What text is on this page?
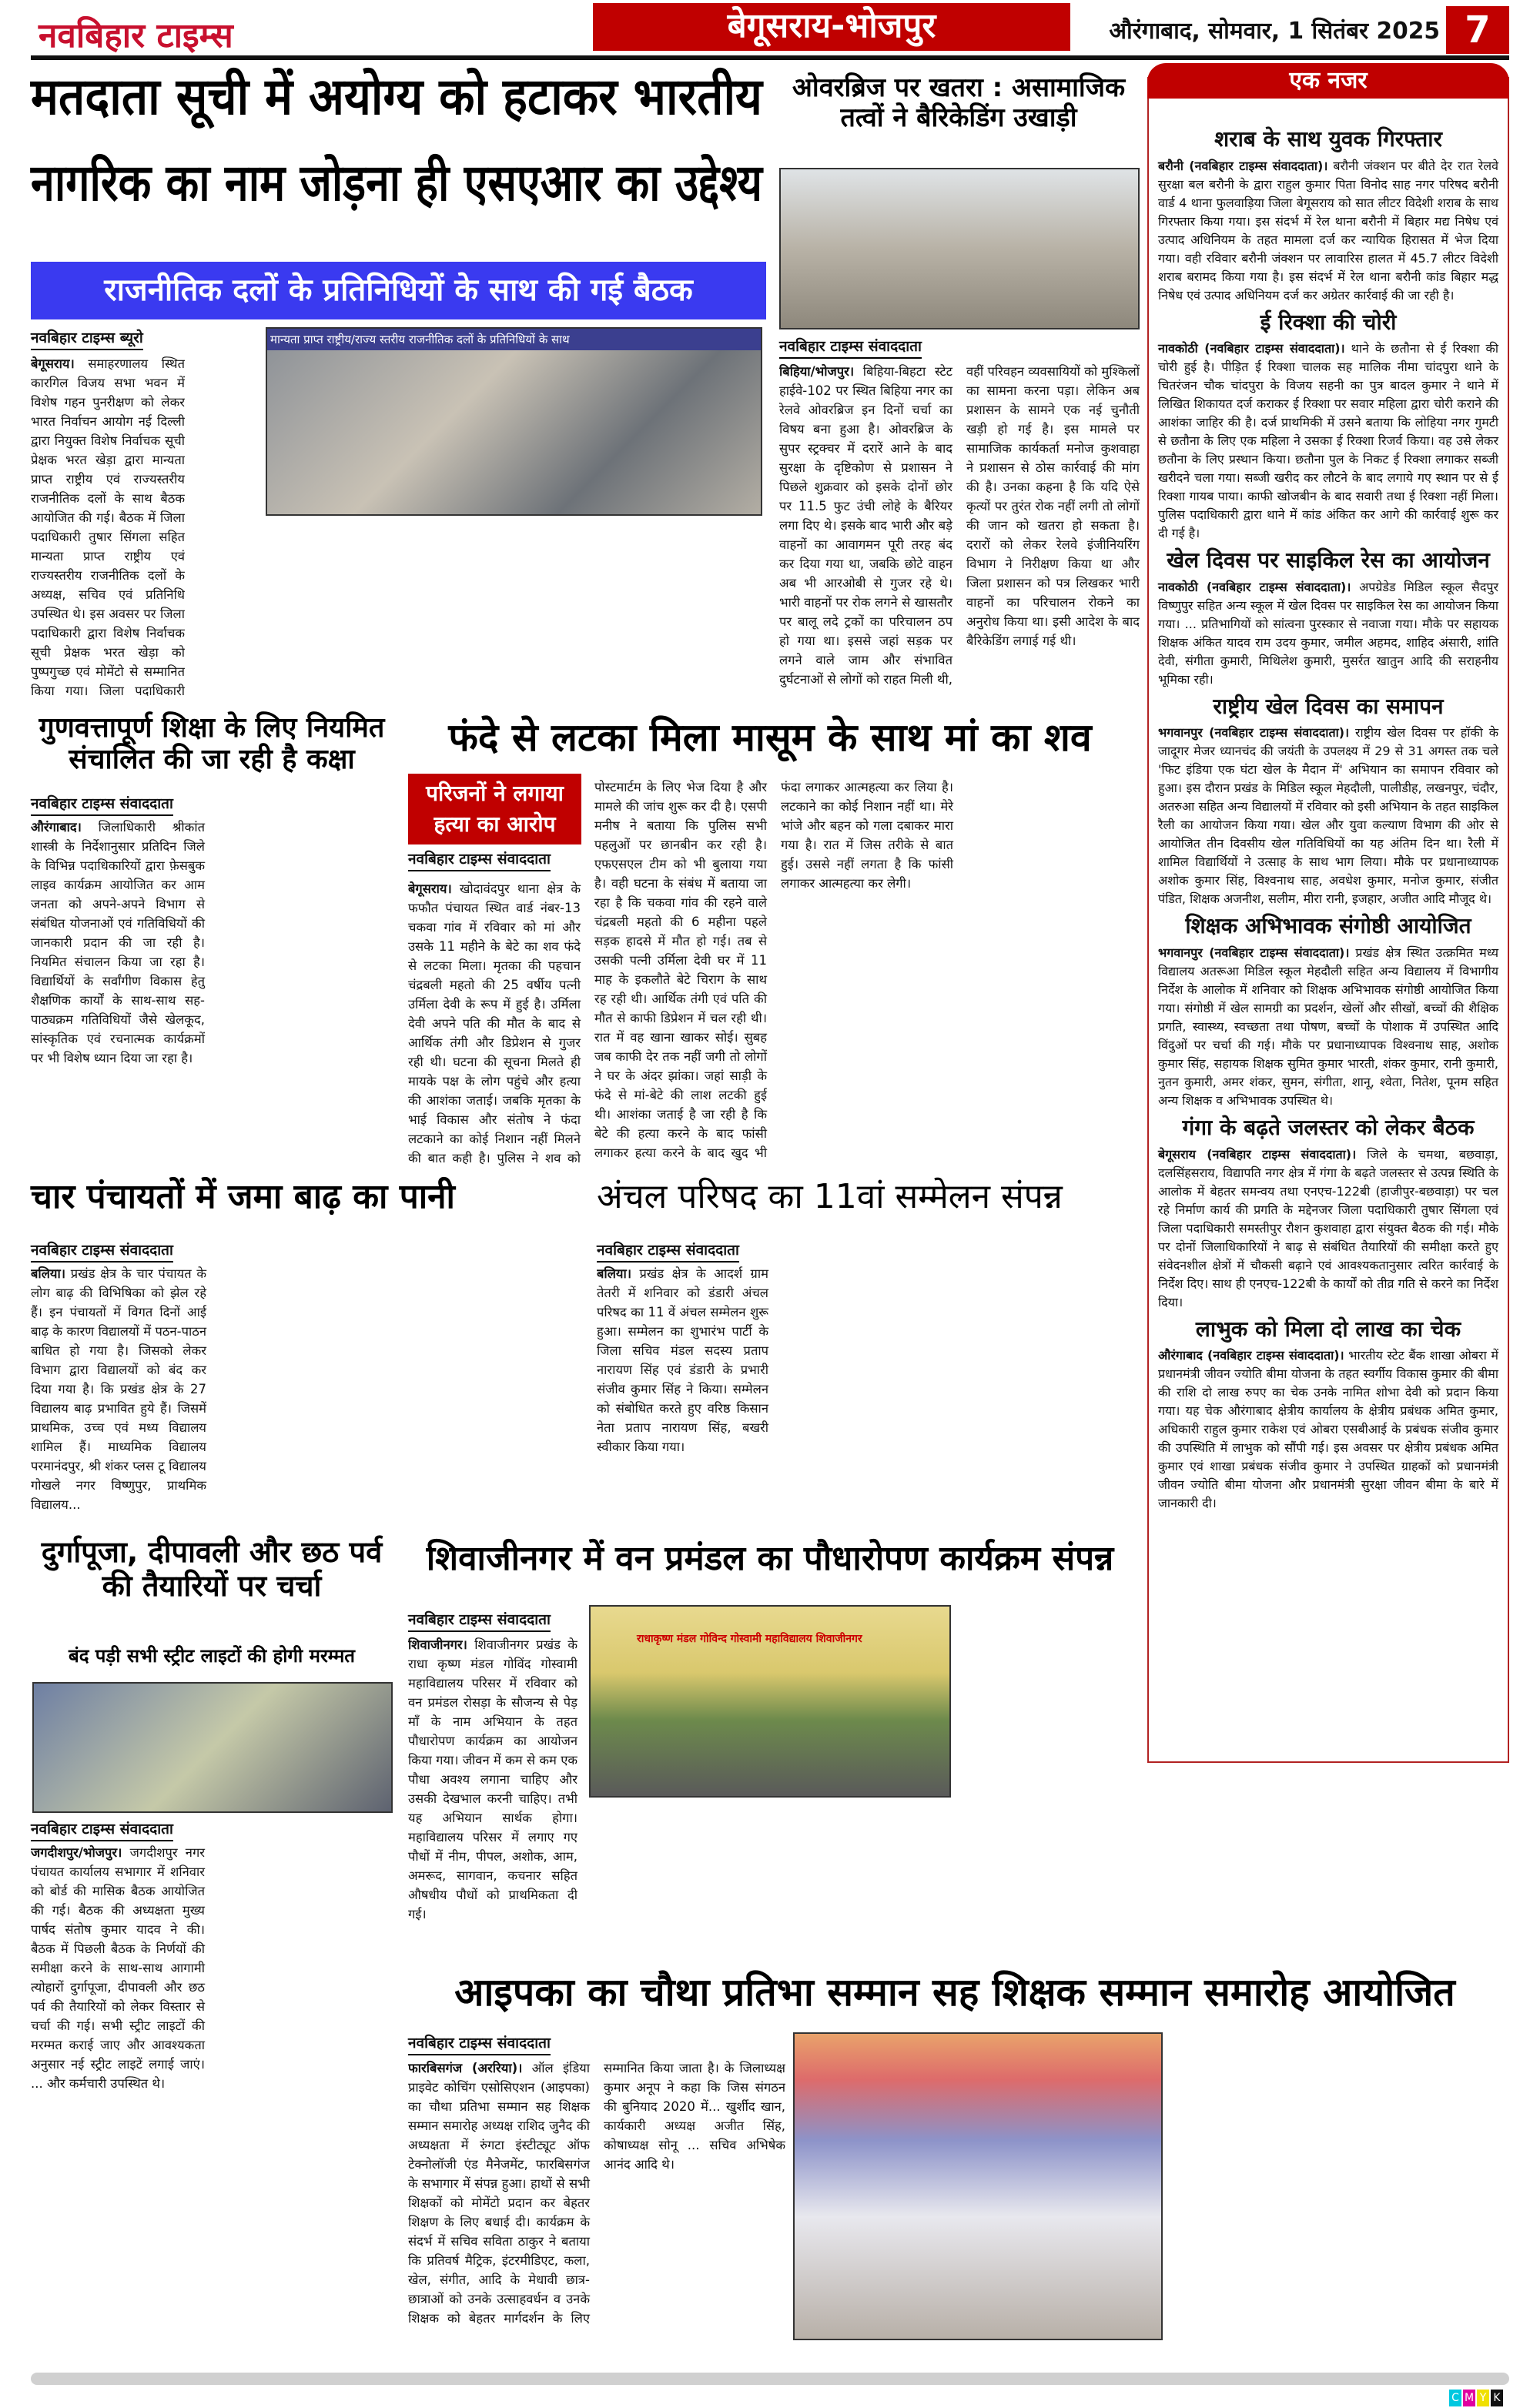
नवबिहार टाइम्स	बेगूसराय-भोजपुर	औरंगाबाद, सोमवार, 1 सितंबर 2025 7
मतदाता सूची में अयोग्य को हटाकर भारतीय
नागरिक का नाम जोड़ना ही एसएआर का उद्देश्य
राजनीतिक दलों के प्रतिनिधियों के साथ की गई बैठक
नवबिहार टाइम्स ब्यूरो	मान्यता प्राप्त राष्ट्रीय/राज्य स्तरीय राजनीतिक दलों के प्रतिनिधियों के साथ
बेगूसराय। समाहरणालय स्थित कारगिल विजय सभा भवन में विशेष गहन पुनरीक्षण को लेकर भारत निर्वाचन आयोग नई दिल्ली द्वारा नियुक्त विशेष निर्वाचक सूची प्रेक्षक भरत खेड़ा द्वारा मान्यता प्राप्त राष्ट्रीय एवं राज्यस्तरीय राजनीतिक दलों के साथ बैठक आयोजित की गई। बैठक में जिला पदाधिकारी तुषार सिंगला सहित मान्यता प्राप्त राष्ट्रीय एवं राज्यस्तरीय राजनीतिक दलों के अध्यक्ष, सचिव एवं प्रतिनिधि उपस्थित थे। इस अवसर पर जिला पदाधिकारी द्वारा विशेष निर्वाचक सूची प्रेक्षक भरत खेड़ा को पुष्पगुच्छ एवं मोमेंटो से सम्मानित किया गया। जिला पदाधिकारी
ओवरब्रिज पर खतरा : असामाजिक तत्वों ने बैरिकेडिंग उखाड़ी
नवबिहार टाइम्स संवाददाता
बिहिया/भोजपुर। बिहिया-बिहटा स्टेट हाईवे-102 पर स्थित बिहिया नगर का रेलवे ओवरब्रिज इन दिनों चर्चा का विषय बना हुआ है। ओवरब्रिज के सुपर स्ट्रक्चर में दरारें आने के बाद सुरक्षा के दृष्टिकोण से प्रशासन ने पिछले शुक्रवार को इसके दोनों छोर पर 11.5 फुट उंची लोहे के बैरियर लगा दिए थे। इसके बाद भारी और बड़े वाहनों का आवागमन पूरी तरह बंद कर दिया गया था, जबकि छोटे वाहन अब भी आरओबी से गुजर रहे थे। भारी वाहनों पर रोक लगने से खासतौर पर बालू लदे ट्रकों का परिचालन ठप हो गया था। इससे जहां सड़क पर लगने वाले जाम और संभावित दुर्घटनाओं से लोगों को राहत मिली थी, वहीं परिवहन व्यवसायियों को मुश्किलों का सामना करना पड़ा। लेकिन अब प्रशासन के सामने एक नई चुनौती खड़ी हो गई है। इस मामले पर सामाजिक कार्यकर्ता मनोज कुशवाहा ने प्रशासन से ठोस कार्रवाई की मांग की है। उनका कहना है कि यदि ऐसे कृत्यों पर तुरंत रोक नहीं लगी तो लोगों की जान को खतरा हो सकता है। दरारों को लेकर रेलवे इंजीनियरिंग विभाग ने निरीक्षण किया था और जिला प्रशासन को पत्र लिखकर भारी वाहनों का परिचालन रोकने का अनुरोध किया था। इसी आदेश के बाद बैरिकेडिंग लगाई गई थी।
एक नजर
शराब के साथ युवक गिरफ्तार
बरौनी (नवबिहार टाइम्स संवाददाता)। बरौनी जंक्शन पर बीते देर रात रेलवे सुरक्षा बल बरौनी के द्वारा राहुल कुमार पिता विनोद साह नगर परिषद बरौनी वार्ड 4 थाना फुलवाड़िया जिला बेगूसराय को सात लीटर विदेशी शराब के साथ गिरफ्तार किया गया। इस संदर्भ में रेल थाना बरौनी में बिहार मद्य निषेध एवं उत्पाद अधिनियम के तहत मामला दर्ज कर न्यायिक हिरासत में भेज दिया गया। वही रविवार बरौनी जंक्शन पर लावारिस हालत में 45.7 लीटर विदेशी शराब बरामद किया गया है। इस संदर्भ में रेल थाना बरौनी कांड बिहार मद्ध निषेध एवं उत्पाद अधिनियम दर्ज कर अग्रेतर कार्रवाई की जा रही है।
ई रिक्शा की चोरी
नावकोठी (नवबिहार टाइम्स संवाददाता)। थाने के छतौना से ई रिक्शा की चोरी हुई है। पीड़ित ई रिक्शा चालक सह मालिक नीमा चांदपुरा थाने के चितरंजन चौक चांदपुरा के विजय सहनी का पुत्र बादल कुमार ने थाने में लिखित शिकायत दर्ज कराकर ई रिक्शा पर सवार महिला द्वारा चोरी कराने की आशंका जाहिर की है। दर्ज प्राथमिकी में उसने बताया कि लोहिया नगर गुमटी से छतौना के लिए एक महिला ने उसका ई रिक्शा रिजर्व किया। वह उसे लेकर छतौना के लिए प्रस्थान किया। छतौना पुल के निकट ई रिक्शा लगाकर सब्जी खरीदने चला गया। सब्जी खरीद कर लौटने के बाद लगाये गए स्थान पर से ई रिक्शा गायब पाया। काफी खोजबीन के बाद सवारी तथा ई रिक्शा नहीं मिला। पुलिस पदाधिकारी द्वारा थाने में कांड अंकित कर आगे की कार्रवाई शुरू कर दी गई है।
खेल दिवस पर साइकिल रेस का आयोजन
नावकोठी (नवबिहार टाइम्स संवाददाता)। अपग्रेडेड मिडिल स्कूल सैदपुर विष्णुपुर सहित अन्य स्कूल में खेल दिवस पर साइकिल रेस का आयोजन किया गया। ... प्रतिभागियों को सांत्वना पुरस्कार से नवाजा गया। मौके पर सहायक शिक्षक अंकित यादव राम उदय कुमार, जमील अहमद, शाहिद अंसारी, शांति देवी, संगीता कुमारी, मिथिलेश कुमारी, मुसर्रत खातुन आदि की सराहनीय भूमिका रही।
राष्ट्रीय खेल दिवस का समापन
भगवानपुर (नवबिहार टाइम्स संवाददाता)। राष्ट्रीय खेल दिवस पर हॉकी के जादूगर मेजर ध्यानचंद की जयंती के उपलक्ष्य में 29 से 31 अगस्त तक चले 'फिट इंडिया एक घंटा खेल के मैदान में' अभियान का समापन रविवार को हुआ। इस दौरान प्रखंड के मिडिल स्कूल मेहदौली, पालीडीह, लखनपुर, चंदौर, अतरुआ सहित अन्य विद्यालयों में रविवार को इसी अभियान के तहत साइकिल रैली का आयोजन किया गया। खेल और युवा कल्याण विभाग की ओर से आयोजित तीन दिवसीय खेल गतिविधियों का यह अंतिम दिन था। रैली में शामिल विद्यार्थियों ने उत्साह के साथ भाग लिया। मौके पर प्रधानाध्यापक अशोक कुमार सिंह, विश्वनाथ साह, अवधेश कुमार, मनोज कुमार, संजीत पंडित, शिक्षक अजनीश, सलीम, मीरा रानी, इजहार, अजीत आदि मौजूद थे।
शिक्षक अभिभावक संगोष्ठी आयोजित
भगवानपुर (नवबिहार टाइम्स संवाददाता)। प्रखंड क्षेत्र स्थित उत्क्रमित मध्य विद्यालय अतरूआ मिडिल स्कूल मेहदौली सहित अन्य विद्यालय में विभागीय निर्देश के आलोक में शनिवार को शिक्षक अभिभावक संगोष्ठी आयोजित किया गया। संगोष्ठी में खेल सामग्री का प्रदर्शन, खेलों और सीखों, बच्चों की शैक्षिक प्रगति, स्वास्थ्य, स्वच्छता तथा पोषण, बच्चों के पोशाक में उपस्थित आदि विंदुओं पर चर्चा की गई। मौके पर प्रधानाध्यापक विश्वनाथ साह, अशोक कुमार सिंह, सहायक शिक्षक सुमित कुमार भारती, शंकर कुमार, रानी कुमारी, नुतन कुमारी, अमर शंकर, सुमन, संगीता, शानू, श्वेता, नितेश, पूनम सहित अन्य शिक्षक व अभिभावक उपस्थित थे।
गंगा के बढ़ते जलस्तर को लेकर बैठक
बेगूसराय (नवबिहार टाइम्स संवाददाता)। जिले के चमथा, बछवाड़ा, दलसिंहसराय, विद्यापति नगर क्षेत्र में गंगा के बढ़ते जलस्तर से उत्पन्न स्थिति के आलोक में बेहतर समन्वय तथा एनएच-122बी (हाजीपुर-बछवाड़ा) पर चल रहे निर्माण कार्य की प्रगति के मद्देनजर जिला पदाधिकारी तुषार सिंगला एवं जिला पदाधिकारी समस्तीपुर रौशन कुशवाहा द्वारा संयुक्त बैठक की गई। मौके पर दोनों जिलाधिकारियों ने बाढ़ से संबंधित तैयारियों की समीक्षा करते हुए संवेदनशील क्षेत्रों में चौकसी बढ़ाने एवं आवश्यकतानुसार त्वरित कार्रवाई के निर्देश दिए। साथ ही एनएच-122बी के कार्यों को तीव्र गति से करने का निर्देश दिया।
लाभुक को मिला दो लाख का चेक
औरंगाबाद (नवबिहार टाइम्स संवाददाता)। भारतीय स्टेट बैंक शाखा ओबरा में प्रधानमंत्री जीवन ज्योति बीमा योजना के तहत स्वर्गीय विकास कुमार की बीमा की राशि दो लाख रुपए का चेक उनके नामित शोभा देवी को प्रदान किया गया। यह चेक औरंगाबाद क्षेत्रीय कार्यालय के क्षेत्रीय प्रबंधक अमित कुमार, अधिकारी राहुल कुमार राकेश एवं ओबरा एसबीआई के प्रबंधक संजीव कुमार की उपस्थिति में लाभुक को सौंपी गई। इस अवसर पर क्षेत्रीय प्रबंधक अमित कुमार एवं शाखा प्रबंधक संजीव कुमार ने उपस्थित ग्राहकों को प्रधानमंत्री जीवन ज्योति बीमा योजना और प्रधानमंत्री सुरक्षा जीवन बीमा के बारे में जानकारी दी।
गुणवत्तापूर्ण शिक्षा के लिए नियमित संचालित की जा रही है कक्षा
नवबिहार टाइम्स संवाददाता
औरंगाबाद। जिलाधिकारी श्रीकांत शास्त्री के निर्देशानुसार प्रतिदिन जिले के विभिन्न पदाधिकारियों द्वारा फ़ेसबुक लाइव कार्यक्रम आयोजित कर आम जनता को अपने-अपने विभाग से संबंधित योजनाओं एवं गतिविधियों की जानकारी प्रदान की जा रही है। नियमित संचालन किया जा रहा है। विद्यार्थियों के सर्वांगीण विकास हेतु शैक्षणिक कार्यों के साथ-साथ सह-पाठ्यक्रम गतिविधियों जैसे खेलकूद, सांस्कृतिक एवं रचनात्मक कार्यक्रमों पर भी विशेष ध्यान दिया जा रहा है।
फंदे से लटका मिला मासूम के साथ मां का शव
परिजनों ने लगाया हत्या का आरोप
नवबिहार टाइम्स संवाददाता
बेगूसराय। खोदावंदपुर थाना क्षेत्र के फफौत पंचायत स्थित वार्ड नंबर-13 चकवा गांव में रविवार को मां और उसके 11 महीने के बेटे का शव फंदे से लटका मिला। मृतका की पहचान चंद्रबली महतो की 25 वर्षीय पत्नी उर्मिला देवी के रूप में हुई है। उर्मिला देवी अपने पति की मौत के बाद से आर्थिक तंगी और डिप्रेशन से गुजर रही थी। घटना की सूचना मिलते ही मायके पक्ष के लोग पहुंचे और हत्या की आशंका जताई। जबकि मृतका के भाई विकास और संतोष ने फंदा लटकाने का कोई निशान नहीं मिलने की बात कही है। पुलिस ने शव को पोस्टमार्टम के लिए भेज दिया है और मामले की जांच शुरू कर दी है। एसपी मनीष ने बताया कि पुलिस सभी पहलुओं पर छानबीन कर रही है। एफएसएल टीम को भी बुलाया गया है। वही घटना के संबंध में बताया जा रहा है कि चकवा गांव की रहने वाले चंद्रबली महतो की 6 महीना पहले सड़क हादसे में मौत हो गई। तब से उसकी पत्नी उर्मिला देवी घर में 11 माह के इकलौते बेटे चिराग के साथ रह रही थी। आर्थिक तंगी एवं पति की मौत से काफी डिप्रेशन में चल रही थी। रात में वह खाना खाकर सोई। सुबह जब काफी देर तक नहीं जगी तो लोगों ने घर के अंदर झांका। जहां साड़ी के फंदे से मां-बेटे की लाश लटकी हुई थी। आशंका जताई है जा रही है कि बेटे की हत्या करने के बाद फांसी लगाकर हत्या करने के बाद खुद भी फंदा लगाकर आत्महत्या कर लिया है। लटकाने का कोई निशान नहीं था। मेरे भांजे और बहन को गला दबाकर मारा गया है। रात में जिस तरीके से बात हुई। उससे नहीं लगता है कि फांसी लगाकर आत्महत्या कर लेगी।
चार पंचायतों में जमा बाढ़ का पानी
नवबिहार टाइम्स संवाददाता
बलिया। प्रखंड क्षेत्र के चार पंचायत के लोग बाढ़ की विभिषिका को झेल रहे हैं। इन पंचायतों में विगत दिनों आई बाढ़ के कारण विद्यालयों में पठन-पाठन बाधित हो गया है। जिसको लेकर विभाग द्वारा विद्यालयों को बंद कर दिया गया है। कि प्रखंड क्षेत्र के 27 विद्यालय बाढ़ प्रभावित हुये हैं। जिसमें प्राथमिक, उच्च एवं मध्य विद्यालय शामिल हैं। माध्यमिक विद्यालय परमानंदपुर, श्री शंकर प्लस टू विद्यालय गोखले नगर विष्णुपुर, प्राथमिक विद्यालय...
अंचल परिषद का 11वां सम्मेलन संपन्न
नवबिहार टाइम्स संवाददाता
बलिया। प्रखंड क्षेत्र के आदर्श ग्राम तेतरी में शनिवार को डंडारी अंचल परिषद का 11 वें अंचल सम्मेलन शुरू हुआ। सम्मेलन का शुभारंभ पार्टी के जिला सचिव मंडल सदस्य प्रताप नारायण सिंह एवं डंडारी के प्रभारी संजीव कुमार सिंह ने किया। सम्मेलन को संबोधित करते हुए वरिष्ठ किसान नेता प्रताप नारायण सिंह, बखरी स्वीकार किया गया।
दुर्गापूजा, दीपावली और छठ पर्व की तैयारियों पर चर्चा
बंद पड़ी सभी स्ट्रीट लाइटों की होगी मरम्मत
नवबिहार टाइम्स संवाददाता
जगदीशपुर/भोजपुर। जगदीशपुर नगर पंचायत कार्यालय सभागार में शनिवार को बोर्ड की मासिक बैठक आयोजित की गई। बैठक की अध्यक्षता मुख्य पार्षद संतोष कुमार यादव ने की। बैठक में पिछली बैठक के निर्णयों की समीक्षा करने के साथ-साथ आगामी त्योहारों दुर्गापूजा, दीपावली और छठ पर्व की तैयारियों को लेकर विस्तार से चर्चा की गई। सभी स्ट्रीट लाइटों की मरम्मत कराई जाए और आवश्यकता अनुसार नई स्ट्रीट लाइटें लगाई जाएं। ... और कर्मचारी उपस्थित थे।
शिवाजीनगर में वन प्रमंडल का पौधारोपण कार्यक्रम संपन्न
नवबिहार टाइम्स संवाददाता
शिवाजीनगर। शिवाजीनगर प्रखंड के राधा कृष्ण मंडल गोविंद गोस्वामी महाविद्यालय परिसर में रविवार को वन प्रमंडल रोसड़ा के सौजन्य से पेड़ माँ के नाम अभियान के तहत पौधारोपण कार्यक्रम का आयोजन किया गया। जीवन में कम से कम एक पौधा अवश्य लगाना चाहिए और उसकी देखभाल करनी चाहिए। तभी यह अभियान सार्थक होगा। महाविद्यालय परिसर में लगाए गए पौधों में नीम, पीपल, अशोक, आम, अमरूद, सागवान, कचनार सहित औषधीय पौधों को प्राथमिकता दी गई।
राधाकृष्ण मंडल गोविन्द गोस्वामी महाविद्यालय शिवाजीनगर
आइपका का चौथा प्रतिभा सम्मान सह शिक्षक सम्मान समारोह आयोजित
नवबिहार टाइम्स संवाददाता
फारबिसगंज (अररिया)। ऑल इंडिया प्राइवेट कोचिंग एसोसिएशन (आइपका) का चौथा प्रतिभा सम्मान सह शिक्षक सम्मान समारोह अध्यक्ष राशिद जुनैद की अध्यक्षता में रुंगटा इंस्टीट्यूट ऑफ टेक्नोलॉजी एंड मैनेजमेंट, फारबिसगंज के सभागार में संपन्न हुआ। हाथों से सभी शिक्षकों को मोमेंटो प्रदान कर बेहतर शिक्षण के लिए बधाई दी। कार्यक्रम के संदर्भ में सचिव सविता ठाकुर ने बताया कि प्रतिवर्ष मैट्रिक, इंटरमीडिएट, कला, खेल, संगीत, आदि के मेधावी छात्र-छात्राओं को उनके उत्साहवर्धन व उनके शिक्षक को बेहतर मार्गदर्शन के लिए सम्मानित किया जाता है। के जिलाध्यक्ष कुमार अनूप ने कहा कि जिस संगठन की बुनियाद 2020 में... खुर्शीद खान, कार्यकारी अध्यक्ष अजीत सिंह, कोषाध्यक्ष सोनू ... सचिव अभिषेक आनंद आदि थे।
C M Y K
